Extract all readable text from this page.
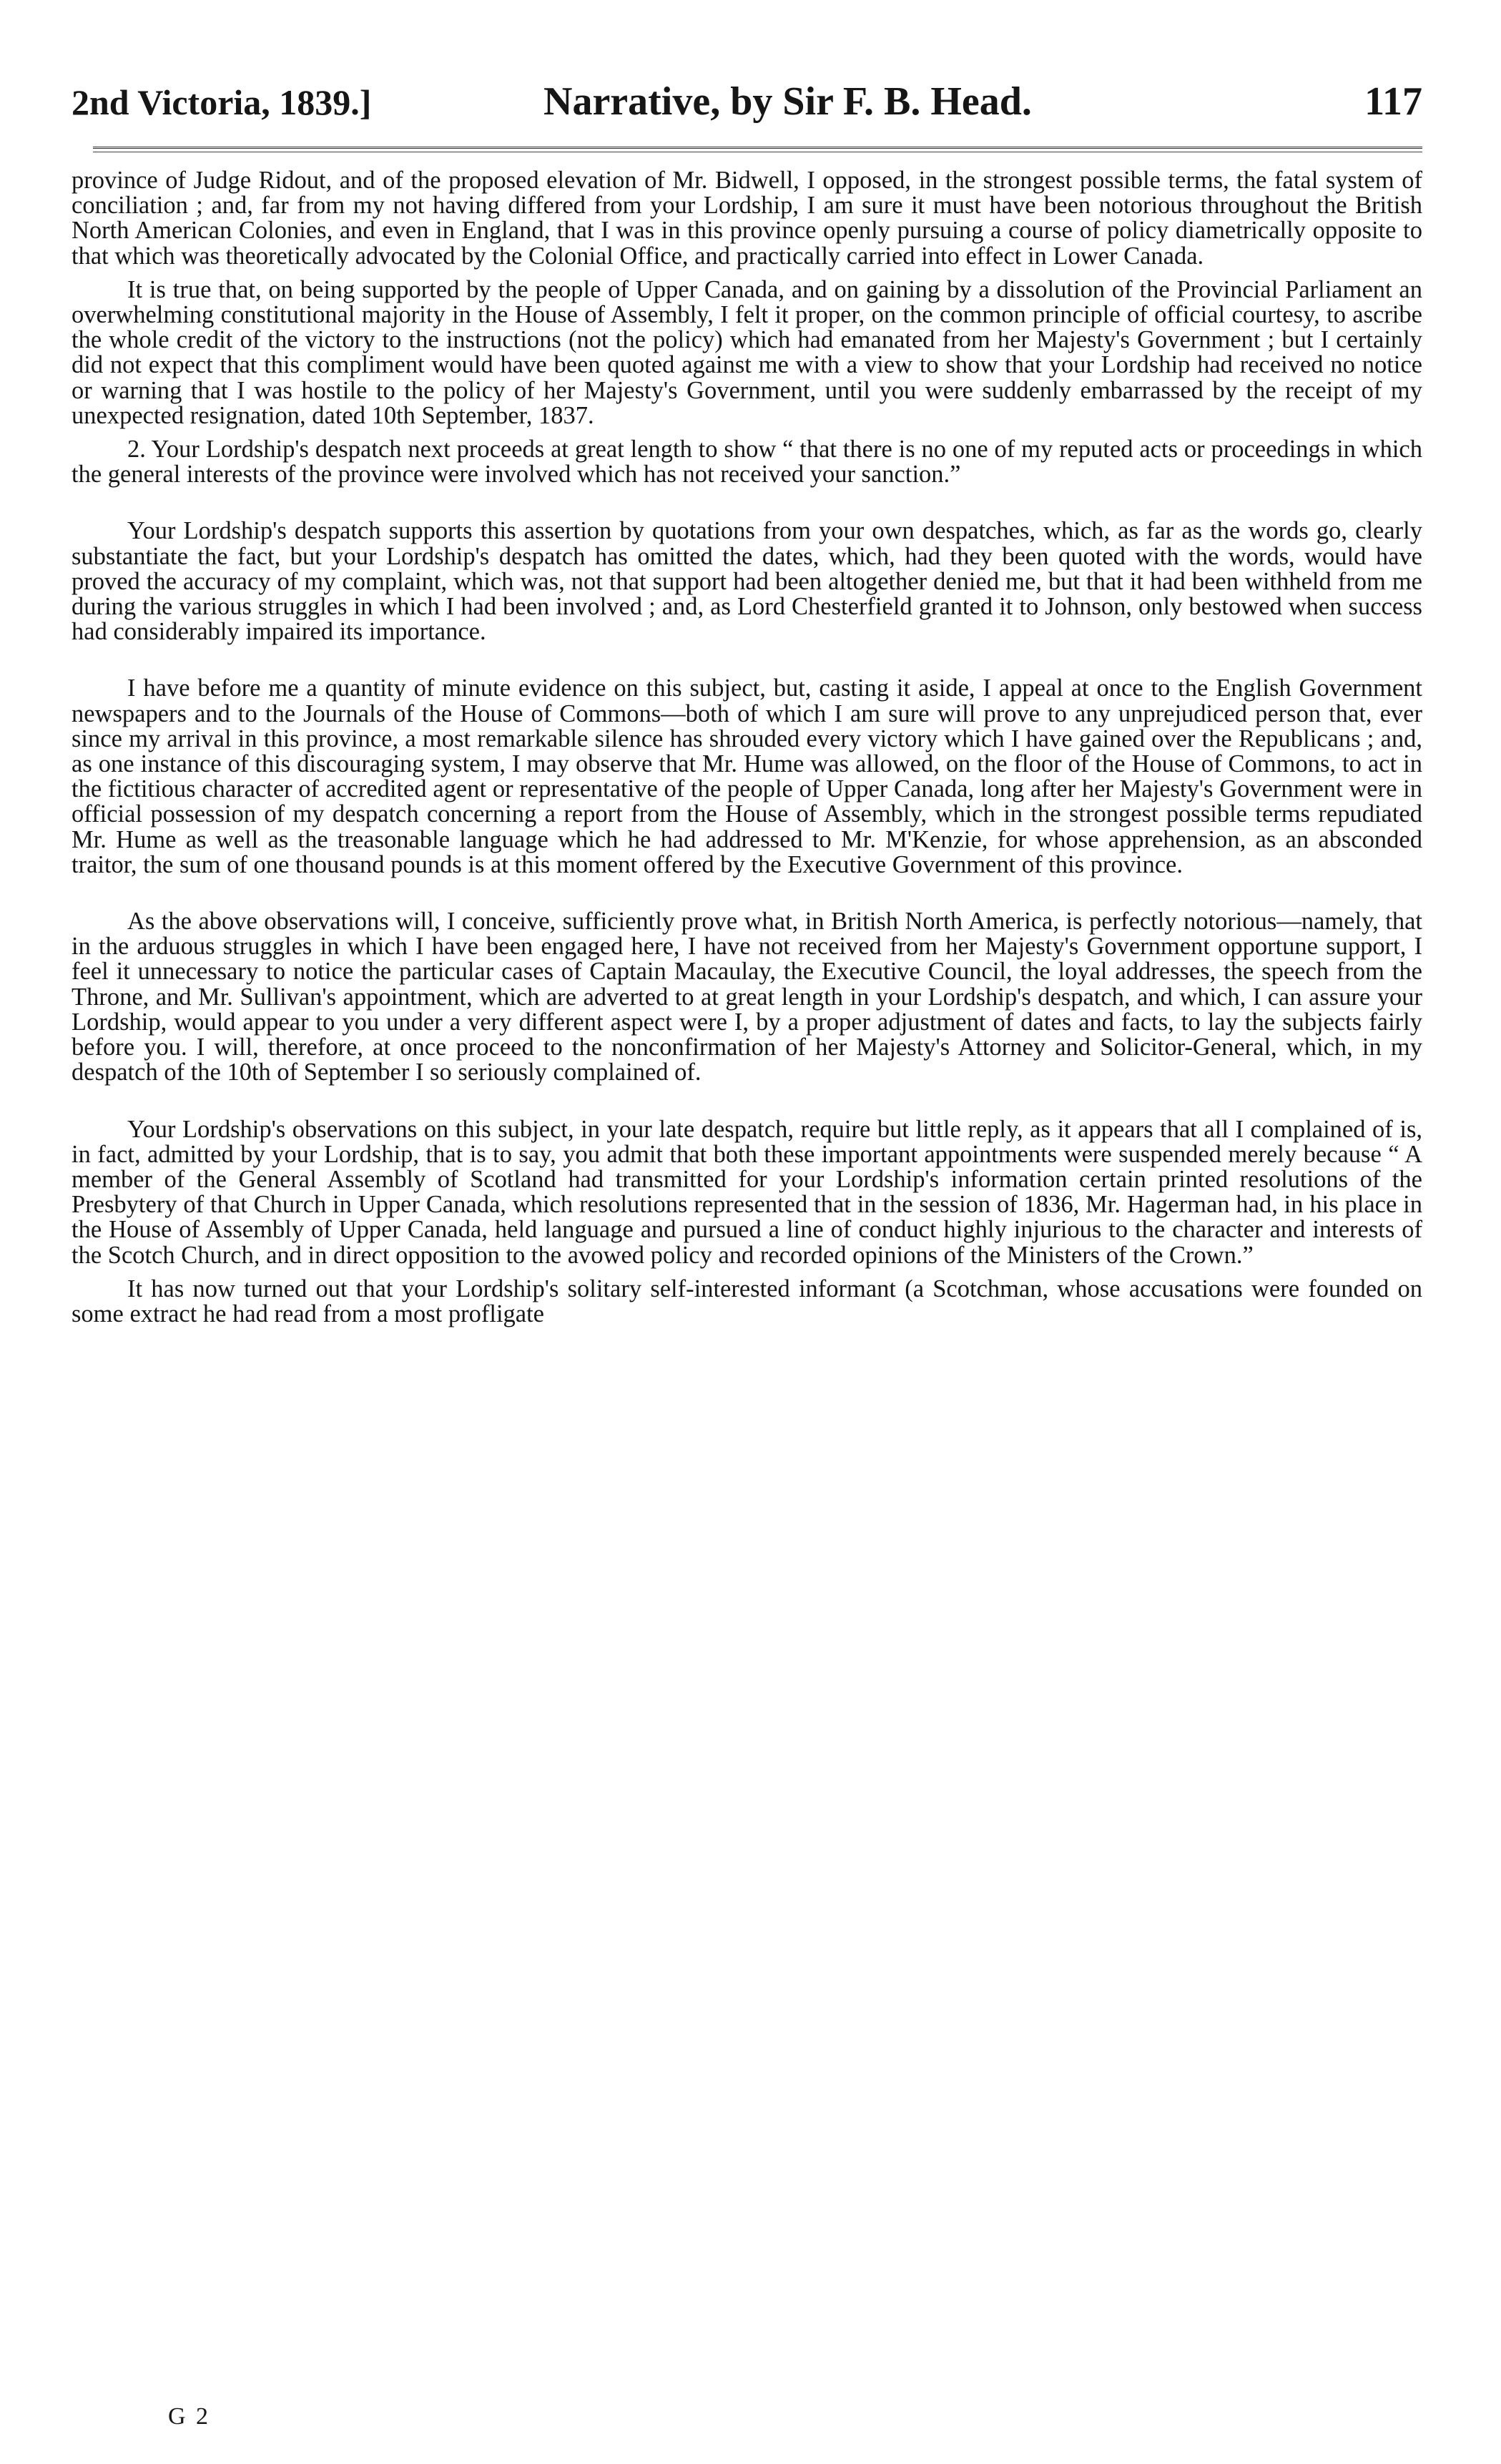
2nd Victoria, 1839.]	Narrative, by Sir F. B. Head.	117

province of Judge Ridout, and of the proposed elevation of Mr. Bidwell, I opposed, in the strongest possible terms, the fatal system of conciliation ; and, far from my not having differed from your Lordship, I am sure it must have been notorious throughout the British North American Colonies, and even in England, that I was in this province openly pursuing a course of policy diametrically opposite to that which was theoretically advocated by the Colonial Office, and practically carried into effect in Lower Canada.

It is true that, on being supported by the people of Upper Canada, and on gaining by a dissolution of the Provincial Parliament an overwhelming constitutional majority in the House of Assembly, I felt it proper, on the common principle of official courtesy, to ascribe the whole credit of the victory to the instructions (not the policy) which had emanated from her Majesty's Government ; but I certainly did not expect that this compliment would have been quoted against me with a view to show that your Lordship had received no notice or warning that I was hostile to the policy of her Majesty's Government, until you were suddenly embarrassed by the receipt of my unexpected resignation, dated 10th September, 1837.

2. Your Lordship's despatch next proceeds at great length to show “ that there is no one of my reputed acts or proceedings in which the general interests of the province were involved which has not received your sanction.”

Your Lordship's despatch supports this assertion by quotations from your own despatches, which, as far as the words go, clearly substantiate the fact, but your Lordship's despatch has omitted the dates, which, had they been quoted with the words, would have proved the accuracy of my complaint, which was, not that support had been altogether denied me, but that it had been withheld from me during the various struggles in which I had been involved ; and, as Lord Chesterfield granted it to Johnson, only bestowed when success had considerably impaired its importance.

I have before me a quantity of minute evidence on this subject, but, casting it aside, I appeal at once to the English Government newspapers and to the Journals of the House of Commons—both of which I am sure will prove to any unprejudiced person that, ever since my arrival in this province, a most remarkable silence has shrouded every victory which I have gained over the Republicans ; and, as one instance of this discouraging system, I may observe that Mr. Hume was allowed, on the floor of the House of Commons, to act in the fictitious character of accredited agent or representative of the people of Upper Canada, long after her Majesty's Government were in official possession of my despatch concerning a report from the House of Assembly, which in the strongest possible terms repudiated Mr. Hume as well as the treasonable language which he had addressed to Mr. M'Kenzie, for whose apprehension, as an absconded traitor, the sum of one thousand pounds is at this moment offered by the Executive Government of this province.

As the above observations will, I conceive, sufficiently prove what, in British North America, is perfectly notorious—namely, that in the arduous struggles in which I have been engaged here, I have not received from her Majesty's Government opportune support, I feel it unnecessary to notice the particular cases of Captain Macaulay, the Executive Council, the loyal addresses, the speech from the Throne, and Mr. Sullivan's appointment, which are adverted to at great length in your Lordship's despatch, and which, I can assure your Lordship, would appear to you under a very different aspect were I, by a proper adjustment of dates and facts, to lay the subjects fairly before you. I will, therefore, at once proceed to the nonconfirmation of her Majesty's Attorney and Solicitor-General, which, in my despatch of the 10th of September I so seriously complained of.

Your Lordship's observations on this subject, in your late despatch, require but little reply, as it appears that all I complained of is, in fact, admitted by your Lordship, that is to say, you admit that both these important appointments were suspended merely because “ A member of the General Assembly of Scotland had transmitted for your Lordship's information certain printed resolutions of the Presbytery of that Church in Upper Canada, which resolutions represented that in the session of 1836, Mr. Hagerman had, in his place in the House of Assembly of Upper Canada, held language and pursued a line of conduct highly injurious to the character and interests of the Scotch Church, and in direct opposition to the avowed policy and recorded opinions of the Ministers of the Crown.”

It has now turned out that your Lordship's solitary self-interested informant (a Scotchman, whose accusations were founded on some extract he had read from a most profligate

G 2
